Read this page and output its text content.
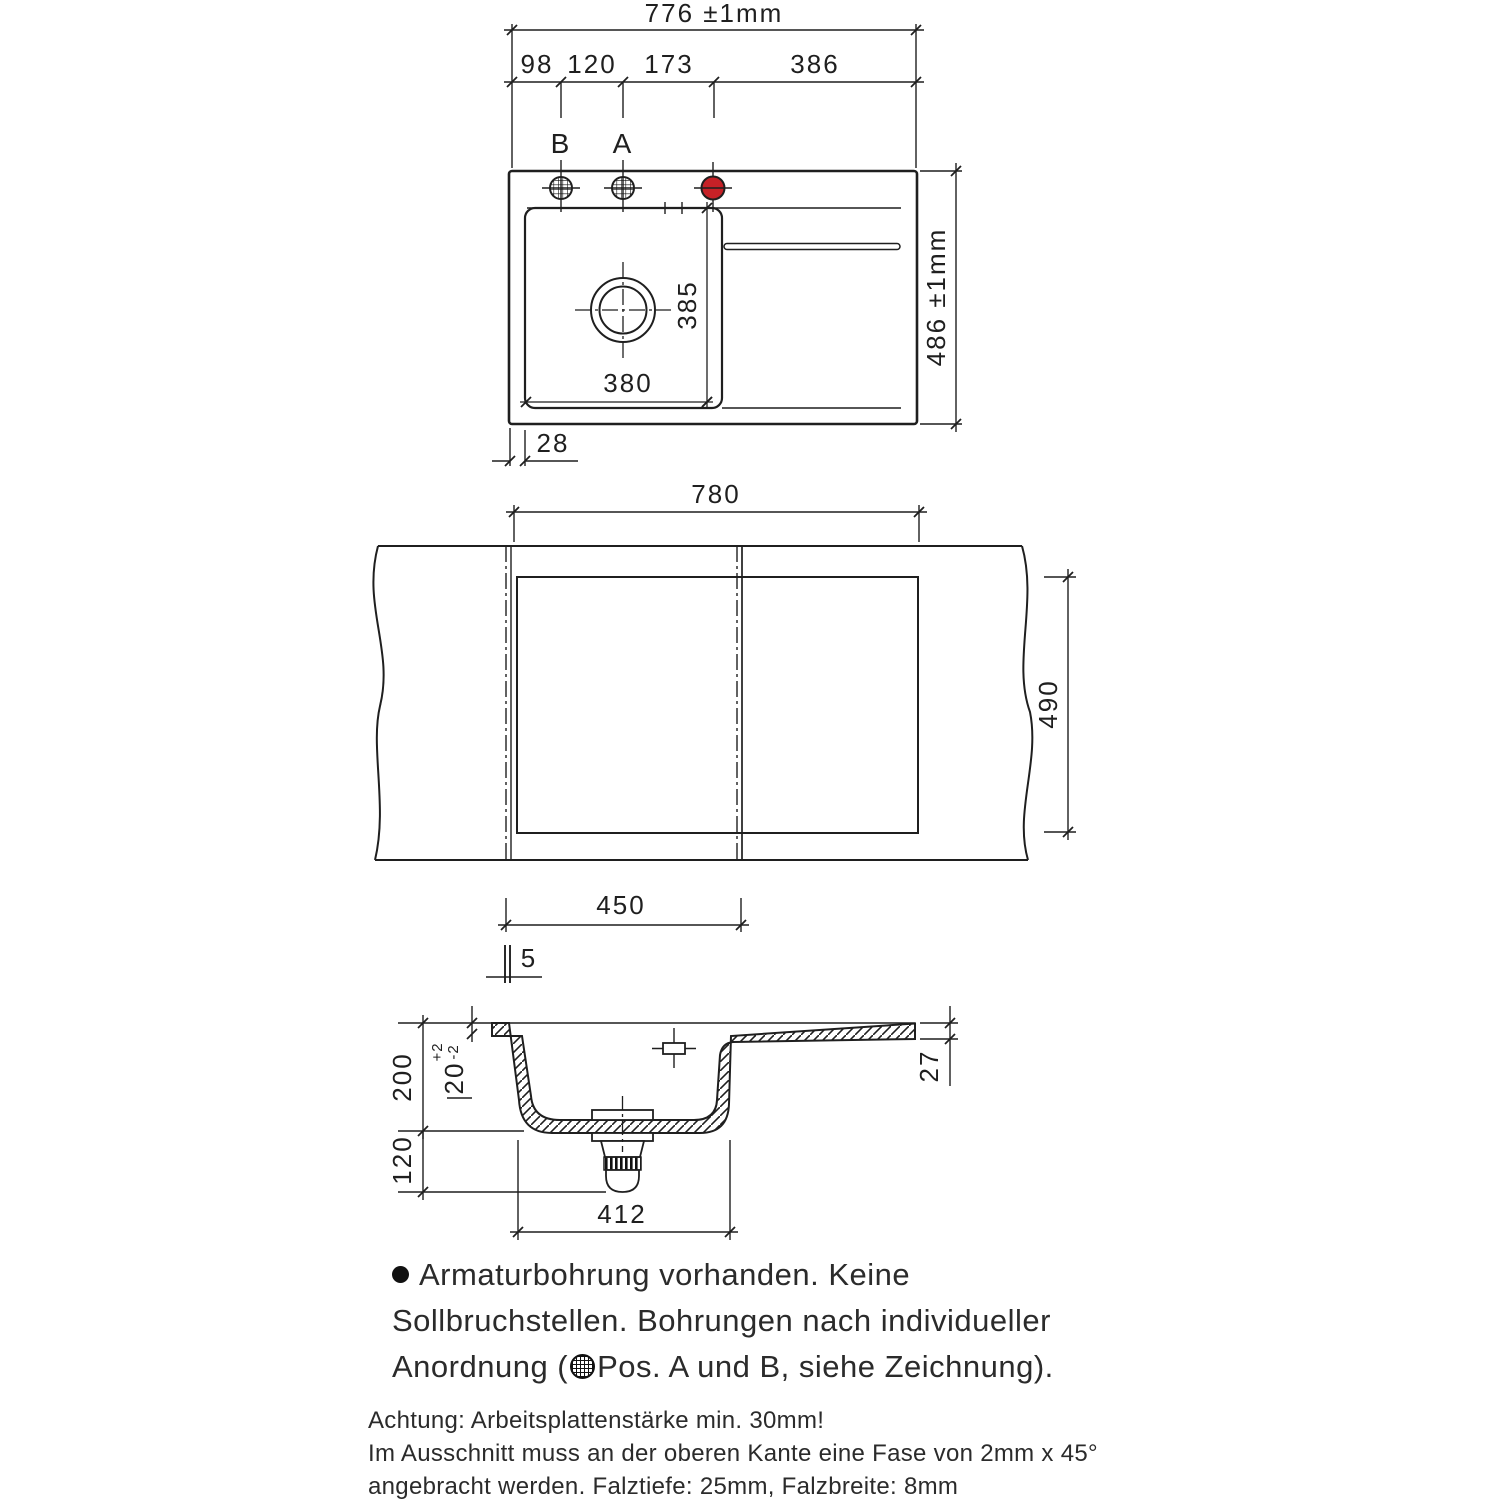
776 ±1mm
98 120 173	386
B A
385
380
486 ±1mm
28
780
490
450
5
200 20
+2 -2
120
412
27
Armaturbohrung vorhanden. Keine
Sollbruchstellen. Bohrungen nach individueller
Anordnung ( Pos. A und B, siehe Zeichnung).
Achtung: Arbeitsplattenstärke min. 30mm!
Im Ausschnitt muss an der oberen Kante eine Fase von 2mm x 45°
angebracht werden. Falztiefe: 25mm, Falzbreite: 8mm
